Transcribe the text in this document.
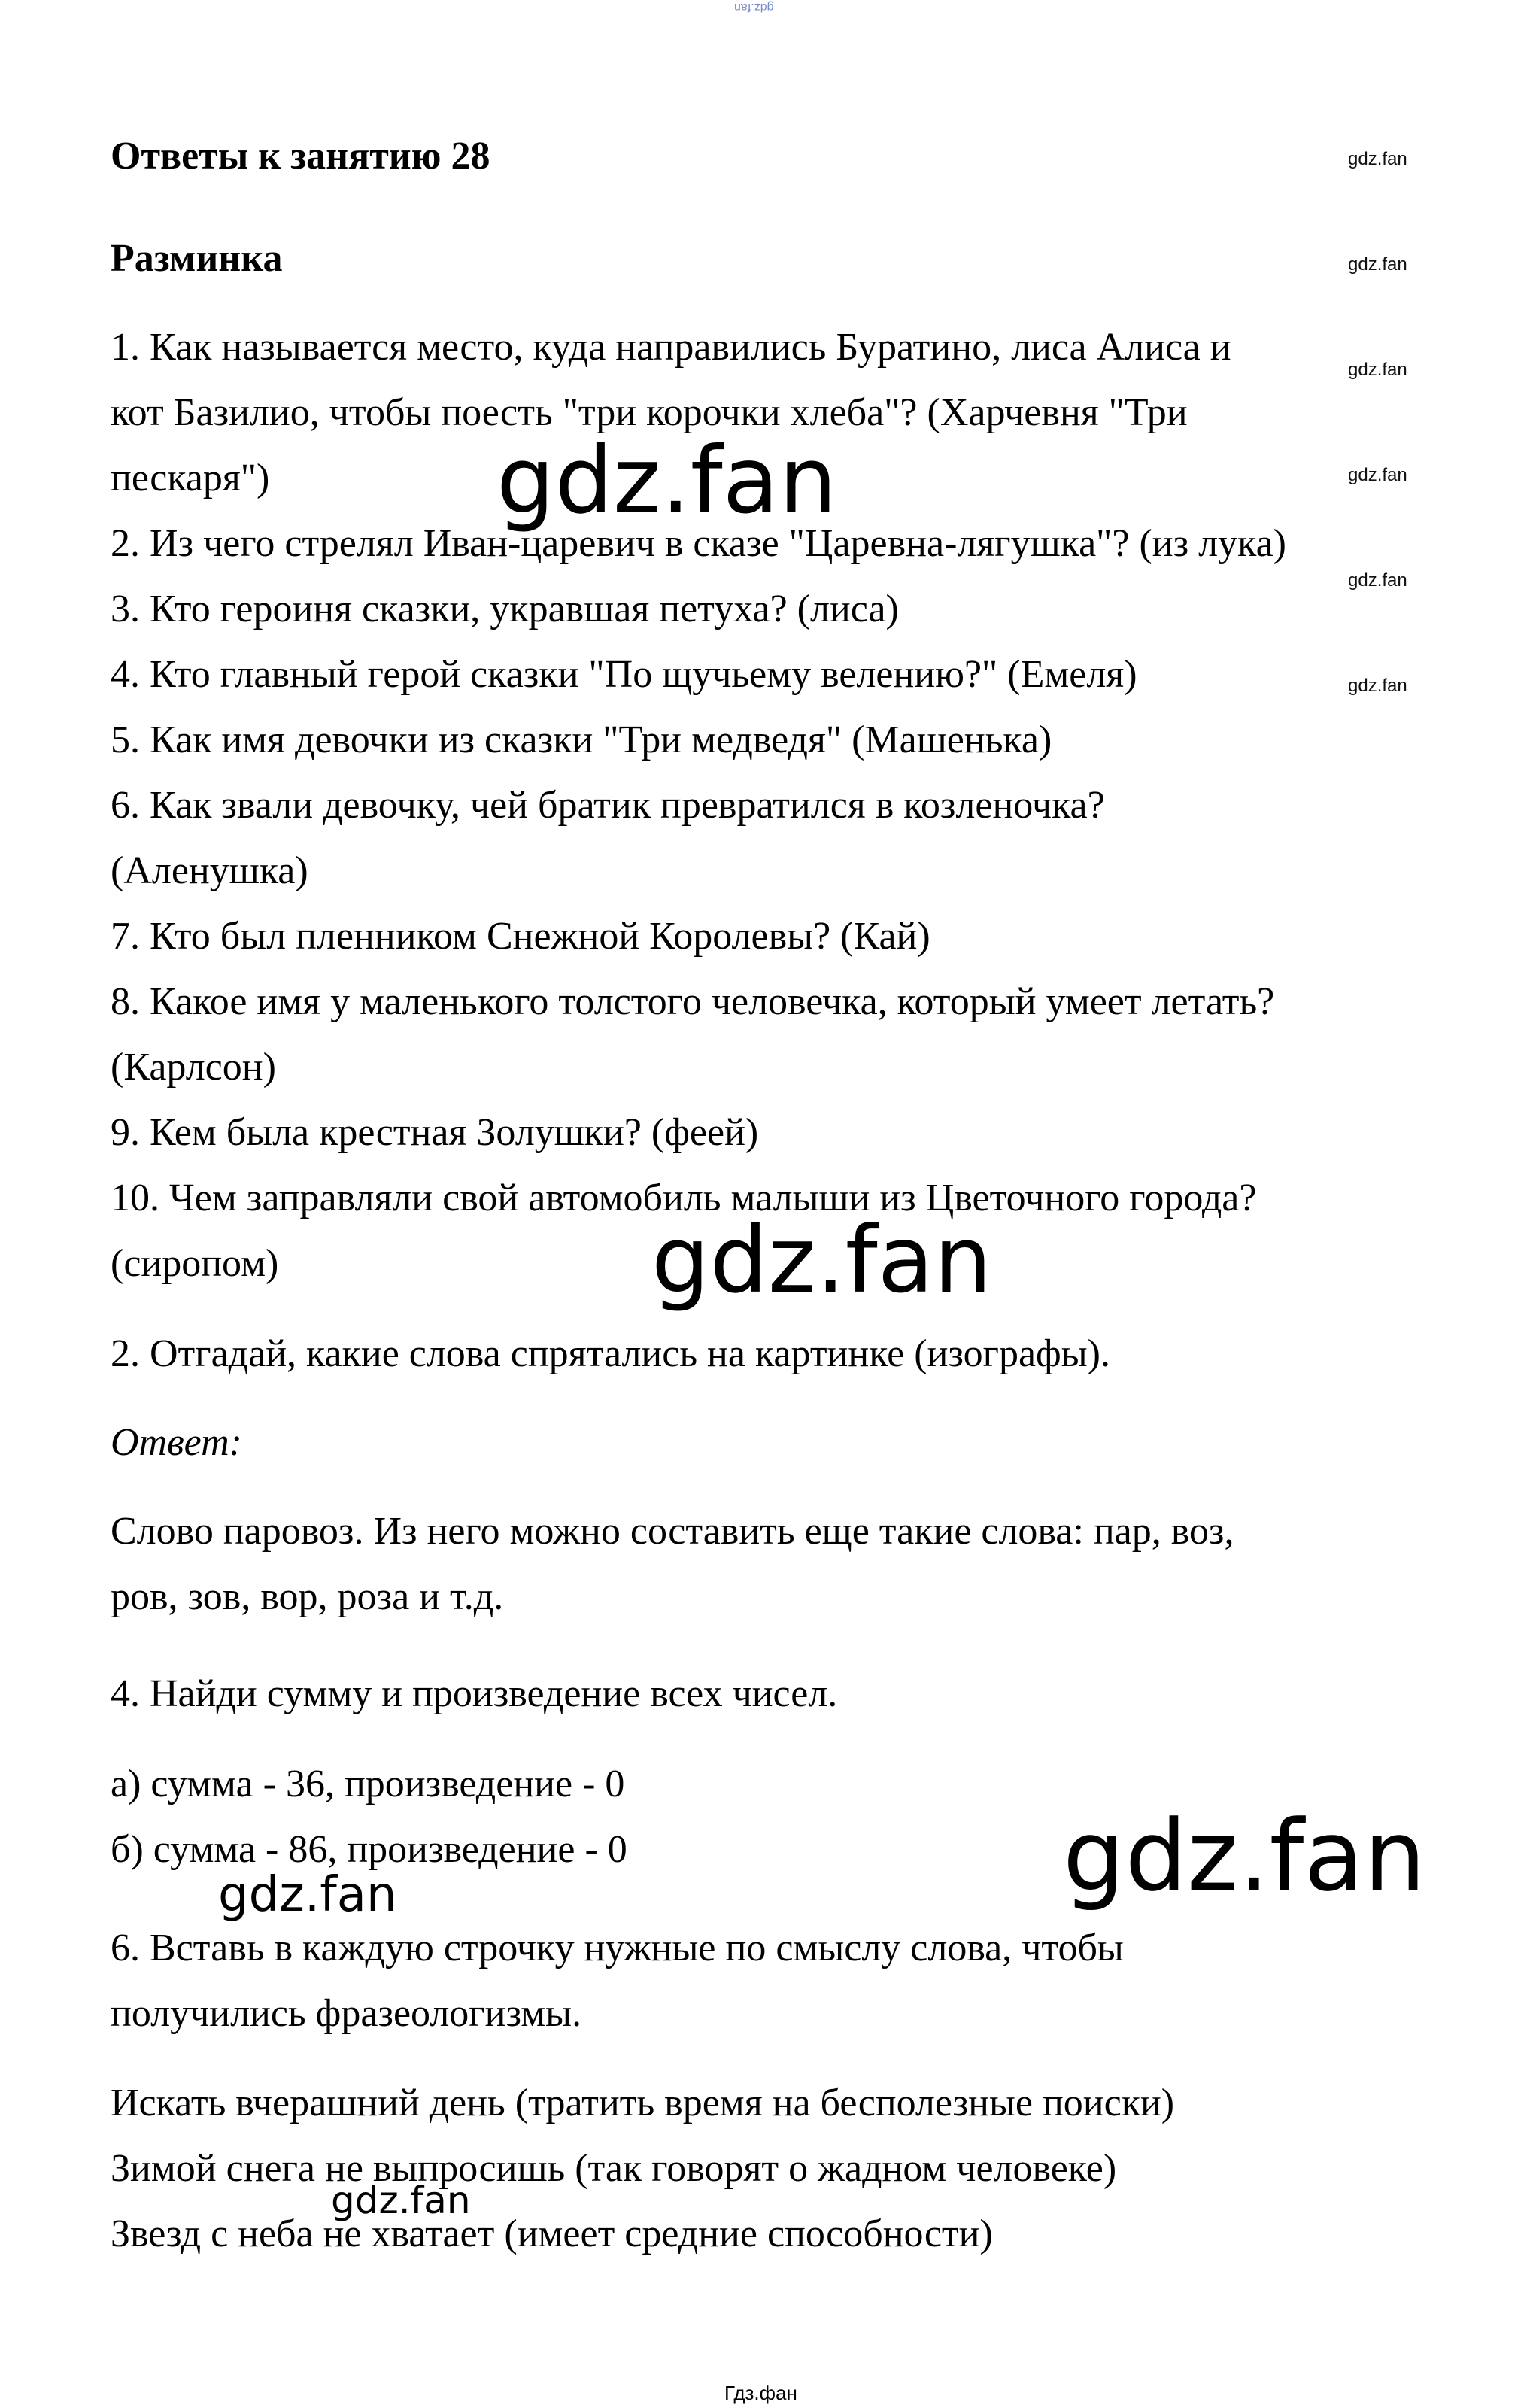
gdz.fan
Ответы к занятию 28
Разминка
1. Как называется место, куда направились Буратино, лиса Алиса и
кот Базилио, чтобы поесть "три корочки хлеба"? (Харчевня "Три
пескаря")
2. Из чего стрелял Иван-царевич в сказе "Царевна-лягушка"? (из лука)
3. Кто героиня сказки, укравшая петуха? (лиса)
4. Кто главный герой сказки "По щучьему велению?" (Емеля)
5. Как имя девочки из сказки "Три медведя" (Машенька)
6. Как звали девочку, чей братик превратился в козленочка?
(Аленушка)
7. Кто был пленником Снежной Королевы? (Кай)
8. Какое имя у маленького толстого человечка, который умеет летать?
(Карлсон)
9. Кем была крестная Золушки? (феей)
10. Чем заправляли свой автомобиль малыши из Цветочного города?
(сиропом)
2. Отгадай, какие слова спрятались на картинке (изографы).
Ответ:
Слово паровоз. Из него можно составить еще такие слова: пар, воз,
ров, зов, вор, роза и т.д.
4. Найди сумму и произведение всех чисел.
а) сумма - 36, произведение - 0
б) сумма - 86, произведение - 0
6. Вставь в каждую строчку нужные по смыслу слова, чтобы
получились фразеологизмы.
Искать вчерашний день (тратить время на бесполезные поиски)
Зимой снега не выпросишь (так говорят о жадном человеке)
Звезд с неба не хватает (имеет средние способности)
gdz.fan
gdz.fan
gdz.fan
gdz.fan
gdz.fan
gdz.fan
gdz.fan
gdz.fan
gdz.fan
gdz.fan
gdz.fan
Гдз.фан
